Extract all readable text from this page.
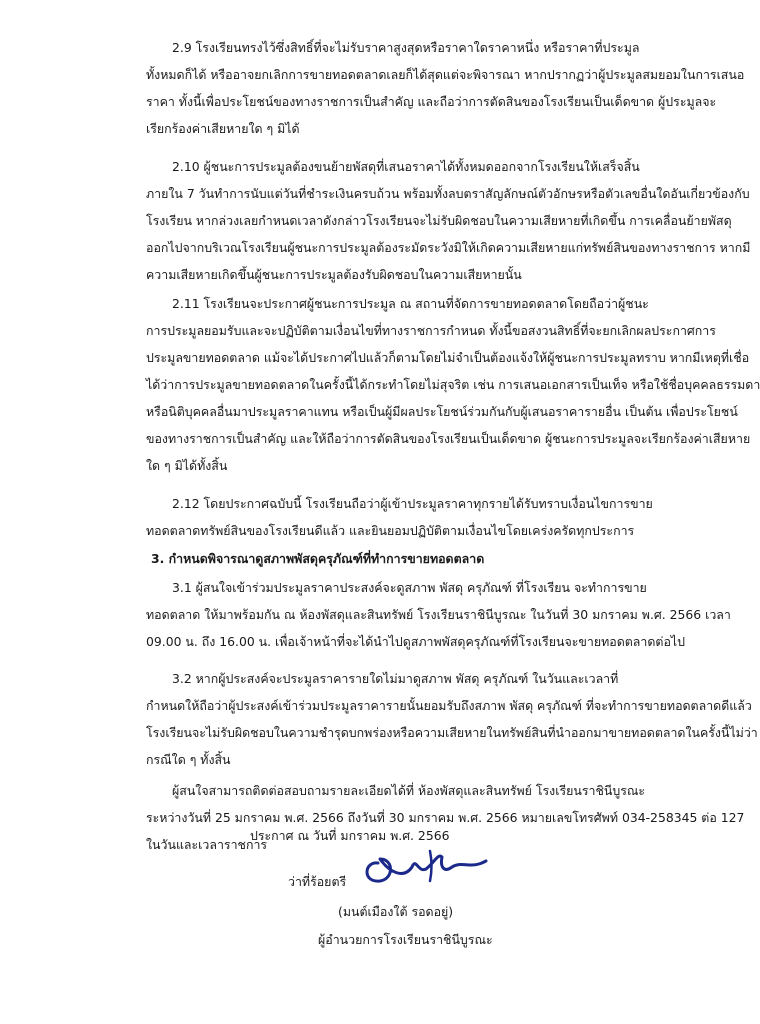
2.9 โรงเรียนทรงไว้ซึ่งสิทธิ์ที่จะไม่รับราคาสูงสุดหรือราคาใดราคาหนึ่ง หรือราคาที่ประมูล
ทั้งหมดก็ได้ หรืออาจยกเลิกการขายทอดตลาดเลยก็ได้สุดแต่จะพิจารณา หากปรากฏว่าผู้ประมูลสมยอมในการเสนอ
ราคา ทั้งนี้เพื่อประโยชน์ของทางราชการเป็นสำคัญ และถือว่าการตัดสินของโรงเรียนเป็นเด็ดขาด ผู้ประมูลจะ
เรียกร้องค่าเสียหายใด ๆ มิได้
2.10 ผู้ชนะการประมูลต้องขนย้ายพัสดุที่เสนอราคาได้ทั้งหมดออกจากโรงเรียนให้เสร็จสิ้น
ภายใน 7 วันทำการนับแต่วันที่ชำระเงินครบถ้วน พร้อมทั้งลบตราสัญลักษณ์ตัวอักษรหรือตัวเลขอื่นใดอันเกี่ยวข้องกับ
โรงเรียน หากล่วงเลยกำหนดเวลาดังกล่าวโรงเรียนจะไม่รับผิดชอบในความเสียหายที่เกิดขึ้น การเคลื่อนย้ายพัสดุ
ออกไปจากบริเวณโรงเรียนผู้ชนะการประมูลต้องระมัดระวังมิให้เกิดความเสียหายแก่ทรัพย์สินของทางราชการ หากมี
ความเสียหายเกิดขึ้นผู้ชนะการประมูลต้องรับผิดชอบในความเสียหายนั้น
2.11 โรงเรียนจะประกาศผู้ชนะการประมูล ณ สถานที่จัดการขายทอดตลาดโดยถือว่าผู้ชนะ
การประมูลยอมรับและจะปฏิบัติตามเงื่อนไขที่ทางราชการกำหนด ทั้งนี้ขอสงวนสิทธิ์ที่จะยกเลิกผลประกาศการ
ประมูลขายทอดตลาด แม้จะได้ประกาศไปแล้วก็ตามโดยไม่จำเป็นต้องแจ้งให้ผู้ชนะการประมูลทราบ หากมีเหตุที่เชื่อ
ได้ว่าการประมูลขายทอดตลาดในครั้งนี้ได้กระทำโดยไม่สุจริต เช่น การเสนอเอกสารเป็นเท็จ หรือใช้ชื่อบุคคลธรรมดา
หรือนิติบุคคลอื่นมาประมูลราคาแทน หรือเป็นผู้มีผลประโยชน์ร่วมกันกับผู้เสนอราคารายอื่น เป็นต้น เพื่อประโยชน์
ของทางราชการเป็นสำคัญ และให้ถือว่าการตัดสินของโรงเรียนเป็นเด็ดขาด ผู้ชนะการประมูลจะเรียกร้องค่าเสียหาย
ใด ๆ มิได้ทั้งสิ้น
2.12 โดยประกาศฉบับนี้ โรงเรียนถือว่าผู้เข้าประมูลราคาทุกรายได้รับทราบเงื่อนไขการขาย
ทอดตลาดทรัพย์สินของโรงเรียนดีแล้ว และยินยอมปฏิบัติตามเงื่อนไขโดยเคร่งครัดทุกประการ
3. กำหนดพิจารณาดูสภาพพัสดุครุภัณฑ์ที่ทำการขายทอดตลาด
3.1 ผู้สนใจเข้าร่วมประมูลราคาประสงค์จะดูสภาพ พัสดุ ครุภัณฑ์ ที่โรงเรียน จะทำการขาย
ทอดตลาด ให้มาพร้อมกัน ณ ห้องพัสดุและสินทรัพย์ โรงเรียนราชินีบูรณะ ในวันที่ 30 มกราคม พ.ศ. 2566 เวลา
09.00 น. ถึง 16.00 น. เพื่อเจ้าหน้าที่จะได้นำไปดูสภาพพัสดุครุภัณฑ์ที่โรงเรียนจะขายทอดตลาดต่อไป
3.2 หากผู้ประสงค์จะประมูลราคารายใดไม่มาดูสภาพ พัสดุ ครุภัณฑ์ ในวันและเวลาที่
กำหนดให้ถือว่าผู้ประสงค์เข้าร่วมประมูลราคารายนั้นยอมรับถึงสภาพ พัสดุ ครุภัณฑ์ ที่จะทำการขายทอดตลาดดีแล้ว
โรงเรียนจะไม่รับผิดชอบในความชำรุดบกพร่องหรือความเสียหายในทรัพย์สินที่นำออกมาขายทอดตลาดในครั้งนี้ไม่ว่า
กรณีใด ๆ ทั้งสิ้น
ผู้สนใจสามารถติดต่อสอบถามรายละเอียดได้ที่ ห้องพัสดุและสินทรัพย์ โรงเรียนราชินีบูรณะ
ระหว่างวันที่ 25 มกราคม พ.ศ. 2566 ถึงวันที่ 30 มกราคม พ.ศ. 2566 หมายเลขโทรศัพท์ 034-258345 ต่อ 127
ในวันและเวลาราชการ
ประกาศ ณ วันที่ มกราคม พ.ศ. 2566
ว่าที่ร้อยตรี
(มนต์เมืองใต้ รอดอยู่)
ผู้อำนวยการโรงเรียนราชินีบูรณะ
